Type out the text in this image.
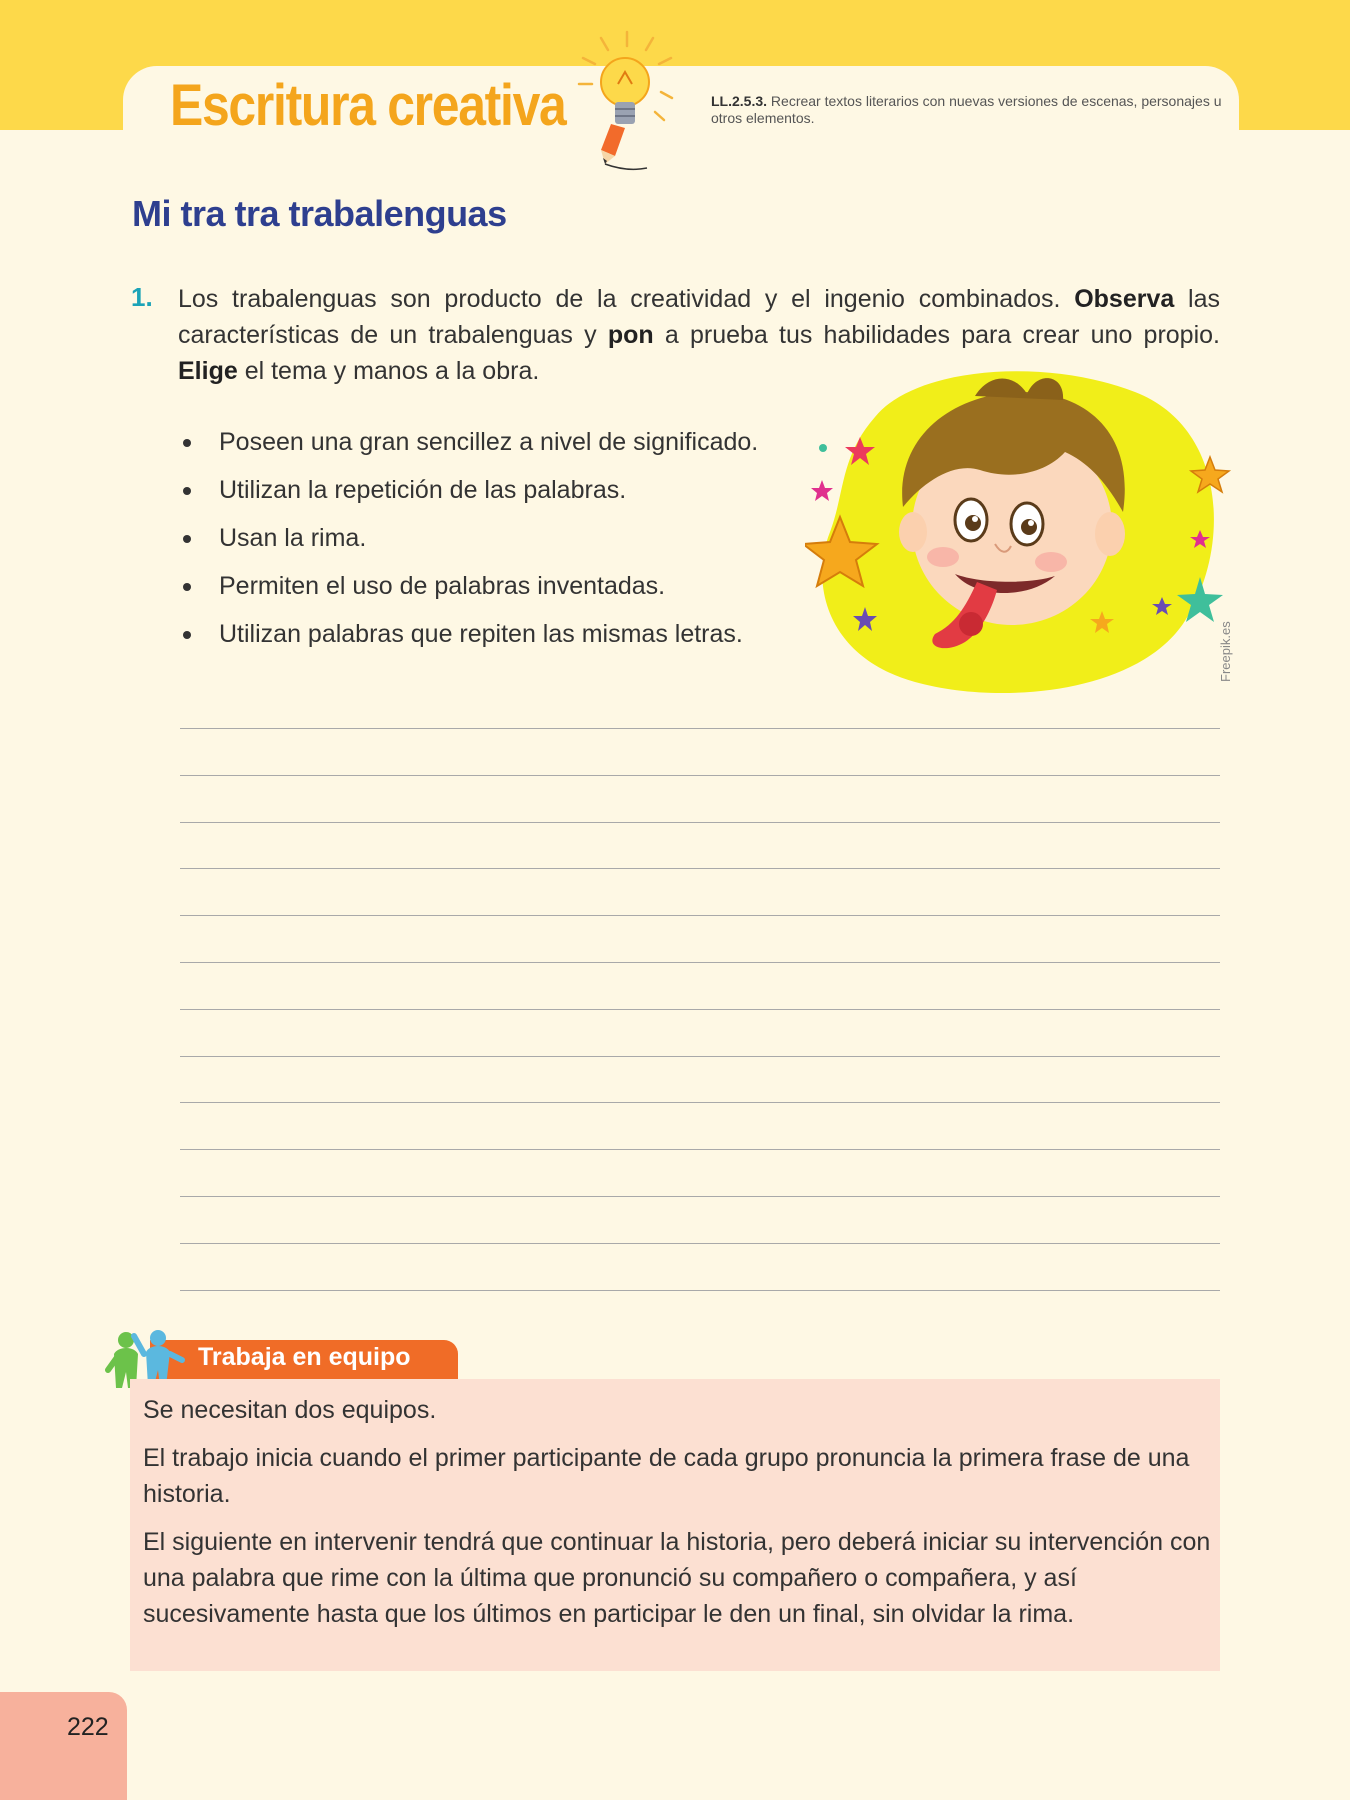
Escritura creativa	LL.2.5.3. Recrear textos literarios con nuevas versiones de escenas, personajes u otros elementos.
Mi tra tra trabalenguas
1. Los trabalenguas son producto de la creatividad y el ingenio combinados. Observa las características de un trabalenguas y pon a prueba tus habilidades para crear uno propio. Elige el tema y manos a la obra.

Poseen una gran sencillez a nivel de significado.
Utilizan la repetición de las palabras.
Usan la rima.
Permiten el uso de palabras inventadas.
Utilizan palabras que repiten las mismas letras.	Freepik.es
Trabaja en equipo

Se necesitan dos equipos.

El trabajo inicia cuando el primer participante de cada grupo pronuncia la primera frase de una historia.

El siguiente en intervenir tendrá que continuar la historia, pero deberá iniciar su intervención con una palabra que rime con la última que pronunció su compañero o compañera, y así sucesivamente hasta que los últimos en participar le den un final, sin olvidar la rima.

222
